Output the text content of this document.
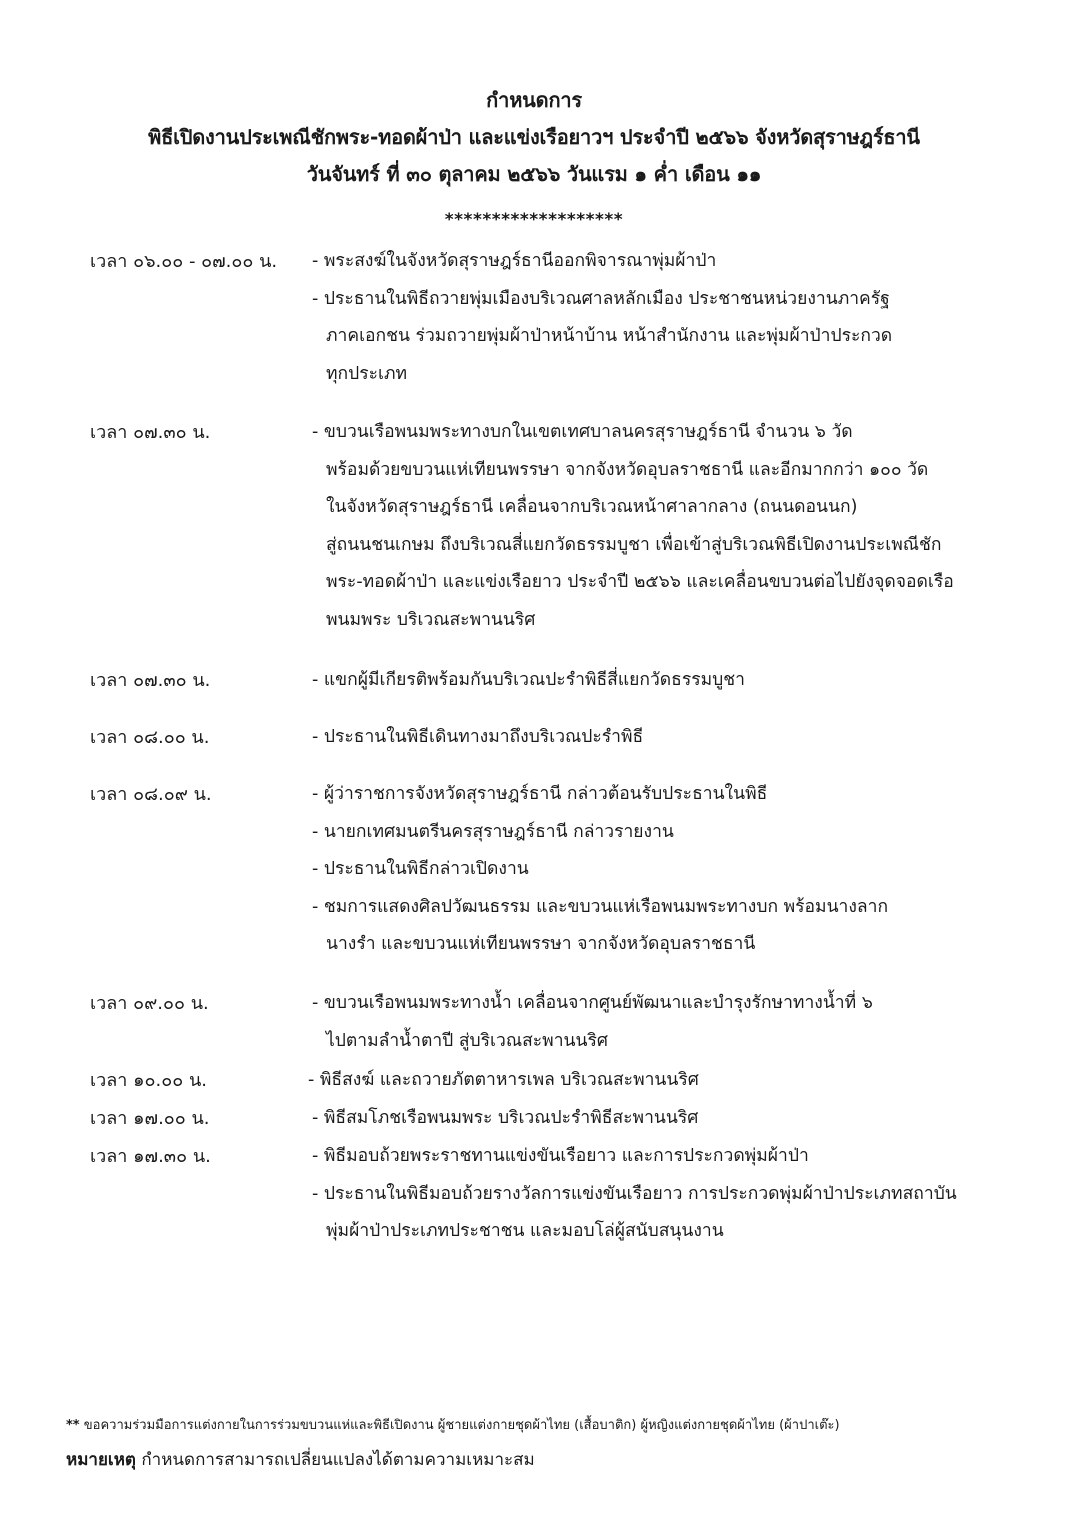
กำหนดการ
พิธีเปิดงานประเพณีชักพระ-ทอดผ้าป่า และแข่งเรือยาวฯ ประจำปี ๒๕๖๖ จังหวัดสุราษฎร์ธานี
วันจันทร์ ที่ ๓๐ ตุลาคม ๒๕๖๖ วันแรม ๑ ค่ำ เดือน ๑๑
*******************
เวลา ๐๖.๐๐ - ๐๗.๐๐ น. - พระสงฆ์ในจังหวัดสุราษฎร์ธานีออกพิจารณาพุ่มผ้าป่า
- ประธานในพิธีถวายพุ่มเมืองบริเวณศาลหลักเมือง ประชาชนหน่วยงานภาครัฐ
ภาคเอกชน ร่วมถวายพุ่มผ้าป่าหน้าบ้าน หน้าสำนักงาน และพุ่มผ้าป่าประกวด
ทุกประเภท
เวลา ๐๗.๓๐ น.	- ขบวนเรือพนมพระทางบกในเขตเทศบาลนครสุราษฎร์ธานี จำนวน ๖ วัด
พร้อมด้วยขบวนแห่เทียนพรรษา จากจังหวัดอุบลราชธานี และอีกมากกว่า ๑๐๐ วัด
ในจังหวัดสุราษฎร์ธานี เคลื่อนจากบริเวณหน้าศาลากลาง (ถนนดอนนก)
สู่ถนนชนเกษม ถึงบริเวณสี่แยกวัดธรรมบูชา เพื่อเข้าสู่บริเวณพิธีเปิดงานประเพณีชัก
พระ-ทอดผ้าป่า และแข่งเรือยาว ประจำปี ๒๕๖๖ และเคลื่อนขบวนต่อไปยังจุดจอดเรือ
พนมพระ บริเวณสะพานนริศ
เวลา ๐๗.๓๐ น.	- แขกผู้มีเกียรติพร้อมกันบริเวณปะรำพิธีสี่แยกวัดธรรมบูชา
เวลา ๐๘.๐๐ น.	- ประธานในพิธีเดินทางมาถึงบริเวณปะรำพิธี
เวลา ๐๘.๐๙ น.	- ผู้ว่าราชการจังหวัดสุราษฎร์ธานี กล่าวต้อนรับประธานในพิธี
- นายกเทศมนตรีนครสุราษฎร์ธานี กล่าวรายงาน
- ประธานในพิธีกล่าวเปิดงาน
- ชมการแสดงศิลปวัฒนธรรม และขบวนแห่เรือพนมพระทางบก พร้อมนางลาก
นางรำ และขบวนแห่เทียนพรรษา จากจังหวัดอุบลราชธานี
เวลา ๐๙.๐๐ น.	- ขบวนเรือพนมพระทางน้ำ เคลื่อนจากศูนย์พัฒนาและบำรุงรักษาทางน้ำที่ ๖
ไปตามลำน้ำตาปี สู่บริเวณสะพานนริศ
เวลา ๑๐.๐๐ น.	- พิธีสงฆ์ และถวายภัตตาหารเพล บริเวณสะพานนริศ
เวลา ๑๗.๐๐ น.	- พิธีสมโภชเรือพนมพระ บริเวณปะรำพิธีสะพานนริศ
เวลา ๑๗.๓๐ น.	- พิธีมอบถ้วยพระราชทานแข่งขันเรือยาว และการประกวดพุ่มผ้าป่า
- ประธานในพิธีมอบถ้วยรางวัลการแข่งขันเรือยาว การประกวดพุ่มผ้าป่าประเภทสถาบัน
พุ่มผ้าป่าประเภทประชาชน และมอบโล่ผู้สนับสนุนงาน
** ขอความร่วมมือการแต่งกายในการร่วมขบวนแห่และพิธีเปิดงาน ผู้ชายแต่งกายชุดผ้าไทย (เสื้อบาติก) ผู้หญิงแต่งกายชุดผ้าไทย (ผ้าปาเต๊ะ)
หมายเหตุ กำหนดการสามารถเปลี่ยนแปลงได้ตามความเหมาะสม
